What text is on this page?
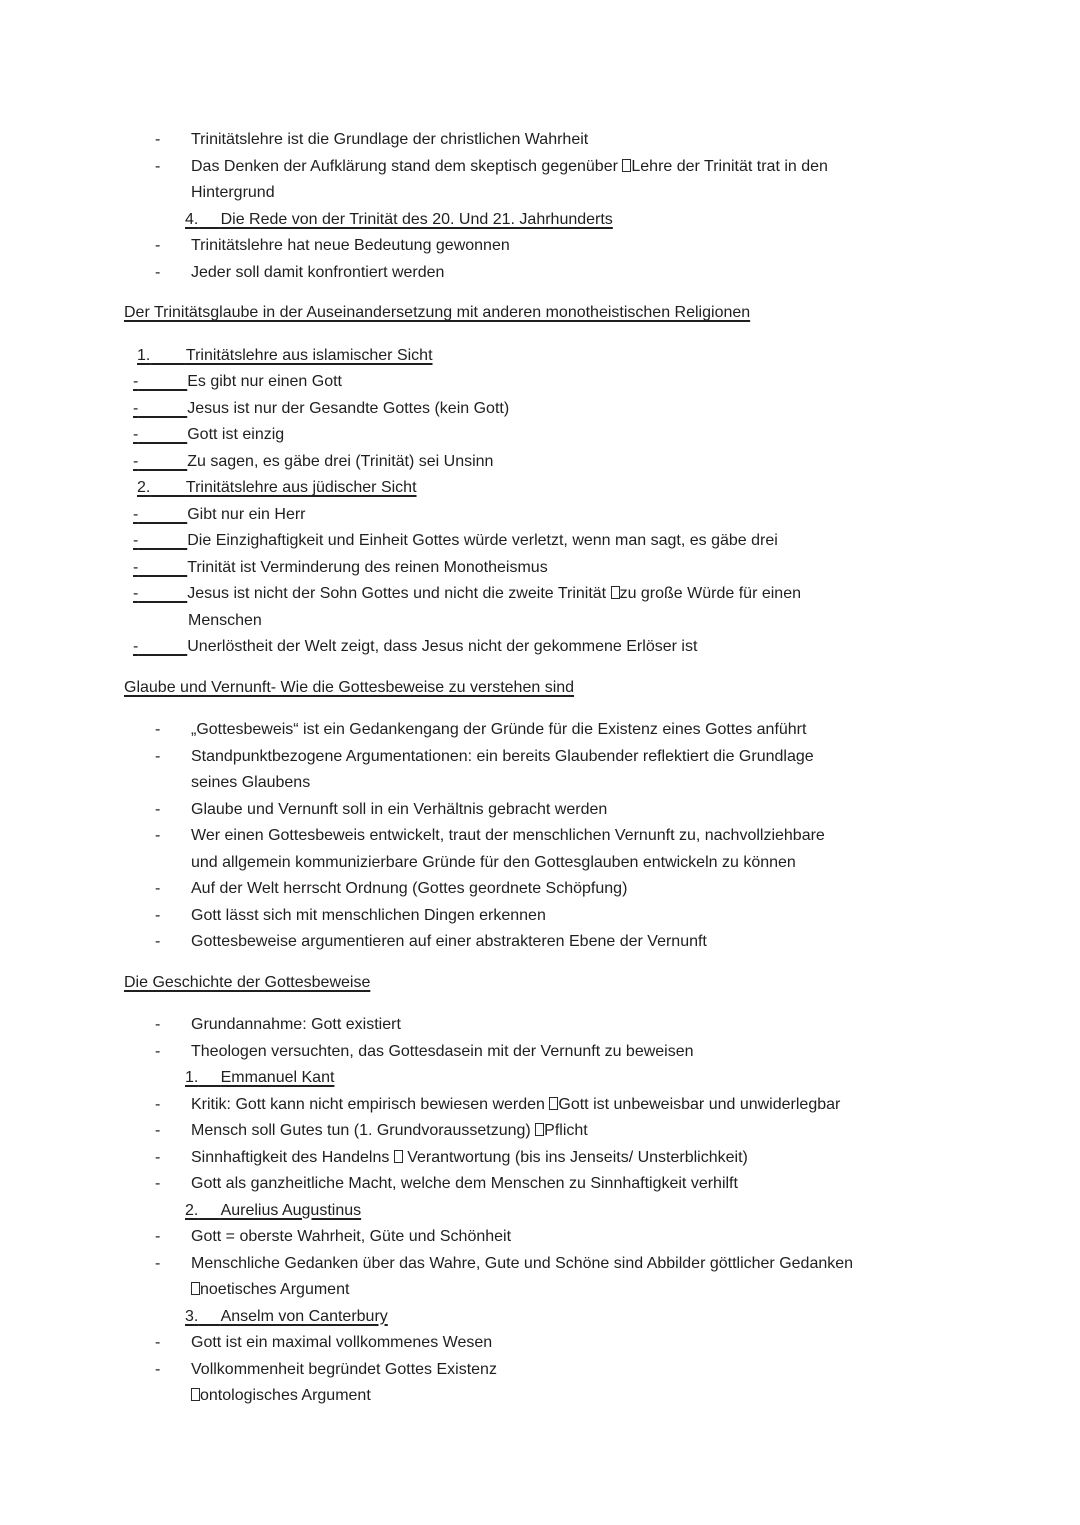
- Trinitätslehre ist die Grundlage der christlichen Wahrheit
- Das Denken der Aufklärung stand dem skeptisch gegenüber Lehre der Trinität trat in den
Hintergrund
4. Die Rede von der Trinität des 20. Und 21. Jahrhunderts
- Trinitätslehre hat neue Bedeutung gewonnen
- Jeder soll damit konfrontiert werden
Der Trinitätsglaube in der Auseinandersetzung mit anderen monotheistischen Religionen
1. Trinitätslehre aus islamischer Sicht
-	Es gibt nur einen Gott
-	Jesus ist nur der Gesandte Gottes (kein Gott)
-	Gott ist einzig
-	Zu sagen, es gäbe drei (Trinität) sei Unsinn
2. Trinitätslehre aus jüdischer Sicht
-	Gibt nur ein Herr
-	Die Einzighaftigkeit und Einheit Gottes würde verletzt, wenn man sagt, es gäbe drei
-	Trinität ist Verminderung des reinen Monotheismus
-	Jesus ist nicht der Sohn Gottes und nicht die zweite Trinität zu große Würde für einen
Menschen
-	Unerlöstheit der Welt zeigt, dass Jesus nicht der gekommene Erlöser ist
Glaube und Vernunft- Wie die Gottesbeweise zu verstehen sind
- „Gottesbeweis“ ist ein Gedankengang der Gründe für die Existenz eines Gottes anführt
- Standpunktbezogene Argumentationen: ein bereits Glaubender reflektiert die Grundlage
seines Glaubens
- Glaube und Vernunft soll in ein Verhältnis gebracht werden
- Wer einen Gottesbeweis entwickelt, traut der menschlichen Vernunft zu, nachvollziehbare
und allgemein kommunizierbare Gründe für den Gottesglauben entwickeln zu können
- Auf der Welt herrscht Ordnung (Gottes geordnete Schöpfung)
- Gott lässt sich mit menschlichen Dingen erkennen
- Gottesbeweise argumentieren auf einer abstrakteren Ebene der Vernunft
Die Geschichte der Gottesbeweise
- Grundannahme: Gott existiert
- Theologen versuchten, das Gottesdasein mit der Vernunft zu beweisen
1. Emmanuel Kant
- Kritik: Gott kann nicht empirisch bewiesen werden Gott ist unbeweisbar und unwiderlegbar
- Mensch soll Gutes tun (1. Grundvoraussetzung) Pflicht
- Sinnhaftigkeit des Handelns  Verantwortung (bis ins Jenseits/ Unsterblichkeit)
- Gott als ganzheitliche Macht, welche dem Menschen zu Sinnhaftigkeit verhilft
2. Aurelius Augustinus
- Gott = oberste Wahrheit, Güte und Schönheit
- Menschliche Gedanken über das Wahre, Gute und Schöne sind Abbilder göttlicher Gedanken
noetisches Argument
3. Anselm von Canterbury
- Gott ist ein maximal vollkommenes Wesen
- Vollkommenheit begründet Gottes Existenz
ontologisches Argument
